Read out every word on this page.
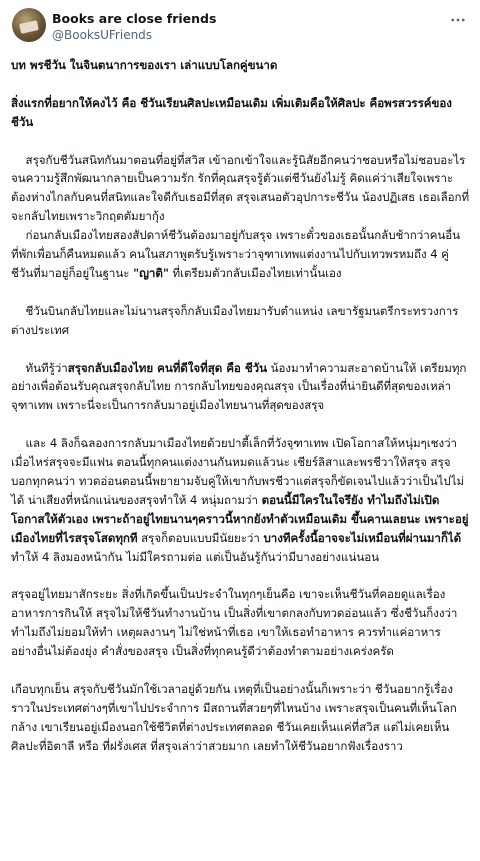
Books are close friends
@BooksUFriends
บท พรชีวัน ในจินตนาการของเรา เล่าแบบโลกคู่ขนาด

สิ่งแรกที่อยากให้คงไว้ คือ ชีวันเรียนศิลปะเหมือนเดิม เพิ่มเติมคือให้ศิลปะ คือพรสวรรค์ของชีวัน

สรุจกับชีวันสนิทกันมาตอนที่อยู่ที่สวิส เข้าอกเข้าใจและรู้นิสัยอีกคนว่าชอบหรือไม่ชอบอะไร จนความรู้สึกพัฒนากลายเป็นความรัก รักที่คุณสรุจรู้ตัวแต่ชีวันยังไม่รู้ คิดแค่ว่าเสียใจเพราะต้องห่างไกลกับคนที่สนิทและใจดีกับเธอมีที่สุด สรุจเสนอตัวอุปการะชีวัน น้องปฏิเสธ เธอเลือกที่จะกลับไทยเพราะวิกฤตตัมยากุ้ง
ก่อนกลับเมืองไทยสองสัปดาห์ชีวันต้องมาอยู่กับสรุจ เพราะตั๋วของเธอนั้นกลับช้ากว่าคนอื่น ที่พักเพื่อนก็คืนหมดแล้ว คนในสภาพูตรับรู้เพราะว่าจุฑาเทพแต่งงานไปกับเทวพรหมถึง 4 คู่ ชีวันที่มาอยู่ก็อยู่ในฐานะ "ญาติ" ที่เตรียมตัวกลับเมืองไทยเท่านั้นเอง

ชีวันบินกลับไทยและไม่นานสรุจก็กลับเมืองไทยมารับตำแหน่ง เลขารัฐมนตรีกระทรวงการต่างประเทศ

ทันทีรู้ว่าสรุจกลับเมืองไทย คนที่ดีใจที่สุด คือ ชีวัน น้องมาทำความสะอาดบ้านให้ เตรียมทุกอย่างเพื่อต้อนรับคุณสรุจกลับไทย การกลับไทยของคุณสรุจ เป็นเรื่องที่น่ายินดีที่สุดของเหล่าจุฑาเทพ เพราะนี่จะเป็นการกลับมาอยู่เมืองไทยนานที่สุดของสรุจ

และ 4 ลิงก็ฉลองการกลับมาเมืองไทยด้วยปาตี้เล็กที่วังจุฑาเทพ เปิดโอกาสให้หนุ่มๆเชงว่า เมื่อไหร่สรุจจะมีแฟน ตอนนี้ทุกคนแต่งงานกันหมดแล้วนะ เชียร์ลิสาและพรชีวาให้สรุจ สรุจบอกทุกคนว่า ทวดอ่อนตอนนี้พยายามจับคู่ให้เขากับพรชีวาแต่สรุจก็ขัดเจนไปแล้วว่าเป็นไปไม่ได้ น่าเสียงที่หนักแน่นของสรุจทำให้ 4 หนุ่มถามว่า ตอนนี้มีใครในใจรึยัง ทำไมถึงไม่เปิดโอกาสให้ตัวเอง เพราะถ้าอยู่ไทยนานๆคราวนี้หากยังทำตัวเหมือนเดิม ขึ้นคานเลยนะ เพราะอยู่เมืองไทยที่ไรสรุจโสดทุกที สรุจก็ตอบแบบมีนัยยะว่า บางทีครั้งนี้อาจจะไม่เหมือนที่ผ่านมาก็ได้ ทำให้ 4 ลิงมองหน้ากัน ไม่มีใครถามต่อ แต่เป็นอันรู้กันว่ามีบางอย่างแน่นอน

สรุจอยู่ไทยมาสักระยะ สิ่งที่เกิดขึ้นเป็นประจำในทุกๆเย็นคือ เขาจะเห็นชีวันที่คอยดูแลเรื่องอาหารการกินให้ สรุจไม่ให้ชีวันทำงานบ้าน เป็นสิ่งที่เขาตกลงกับทวดอ่อนแล้ว ซึ่งชีวันก็งงว่าทำไมถึงไม่ยอมให้ทำ เหตุผลงานๆ ไม่ใช่หน้าที่เธอ เขาให้เธอทำอาหาร ควรทำแค่อาหาร อย่างอื่นไม่ต้องยุ่ง คำสั่งของสรุจ เป็นสิ่งที่ทุกคนรู้ดีว่าต้องทำตามอย่างเคร่งครัด

เกือบทุกเย็น สรุจกับชีวันมักใช้เวลาอยู่ด้วยกัน เหตุที่เป็นอย่างนั้นก็เพราะว่า ชีวันอยากรู้เรื่องราวในประเทศต่างๆที่เขาไปประจำการ มีสถานที่สวยๆที่ไหนบ้าง เพราะสรุจเป็นคนที่เห็นโลกกล้าง เขาเรียนอยู่เมืองนอกใช้ชีวิตที่ต่างประเทศตลอด ชีวันเคยเห็นแค่ที่สวิส แต่ไม่เคยเห็นศิลปะที่อิตาลี หรือ ที่ฝรั่งเศส ที่สรุจเล่าว่าสวยมาก เลยทำให้ชีวันอยากฟังเรื่องราว
